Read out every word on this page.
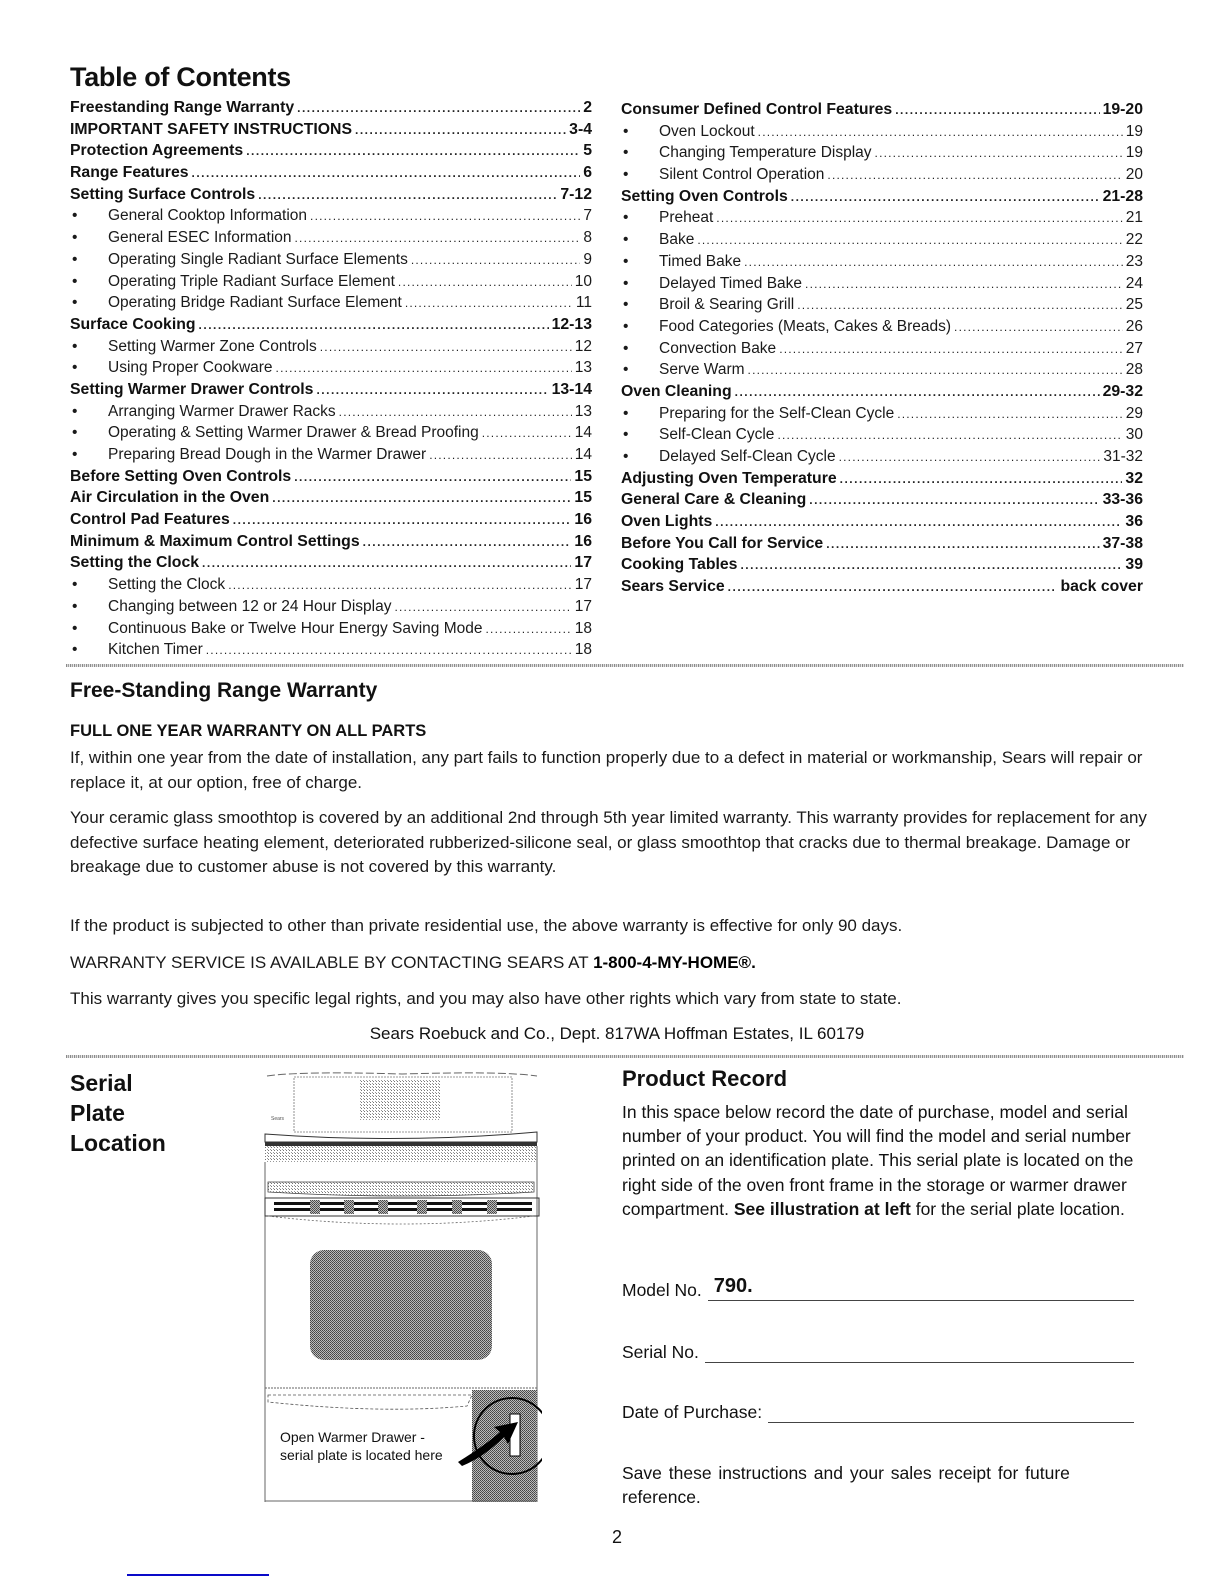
Table of Contents
Freestanding Range Warranty .....	2
IMPORTANT SAFETY INSTRUCTIONS .....	3-4
Protection Agreements .....	5
Range Features .....	6
Setting Surface Controls .....	7-12
•	General Cooktop Information .....	7
•	General ESEC Information .....	8
•	Operating Single Radiant Surface Elements .....	9
•	Operating Triple Radiant Surface Element .....	10
•	Operating Bridge Radiant Surface Element .....	11
Surface Cooking .....	12-13
•	Setting Warmer Zone Controls .....	12
•	Using Proper Cookware .....	13
Setting Warmer Drawer Controls .....	13-14
•	Arranging Warmer Drawer Racks .....	13
•	Operating & Setting Warmer Drawer & Bread Proofing .....	14
•	Preparing Bread Dough in the Warmer Drawer .....	14
Before Setting Oven Controls .....	15
Air Circulation in the Oven .....	15
Control Pad Features .....	16
Minimum & Maximum Control Settings .....	16
Setting the Clock .....	17
•	Setting the Clock .....	17
•	Changing between 12 or 24 Hour Display .....	17
•	Continuous Bake or Twelve Hour Energy Saving Mode .....	18
•	Kitchen Timer .....	18
Consumer Defined Control Features .....	19-20
•	Oven Lockout .....	19
•	Changing Temperature Display .....	19
•	Silent Control Operation .....	20
Setting Oven Controls .....	21-28
•	Preheat .....	21
•	Bake .....	22
•	Timed Bake .....	23
•	Delayed Timed Bake .....	24
•	Broil & Searing Grill .....	25
•	Food Categories (Meats, Cakes & Breads) .....	26
•	Convection Bake .....	27
•	Serve Warm .....	28
Oven Cleaning .....	29-32
•	Preparing for the Self-Clean Cycle .....	29
•	Self-Clean Cycle .....	30
•	Delayed Self-Clean Cycle .....	31-32
Adjusting Oven Temperature .....	32
General Care & Cleaning .....	33-36
Oven Lights .....	36
Before You Call for Service .....	37-38
Cooking Tables .....	39
Sears Service .....	back cover
Free-Standing Range Warranty
FULL ONE YEAR WARRANTY ON ALL PARTS
If, within one year from the date of installation, any part fails to function properly due to a defect in material or workmanship, Sears will repair or replace it, at our option, free of charge.
Your ceramic glass smoothtop is covered by an additional 2nd through 5th year limited warranty. This warranty provides for replacement for any defective surface heating element, deteriorated rubberized-silicone seal, or glass smoothtop that cracks due to thermal breakage. Damage or breakage due to customer abuse is not covered by this warranty.
If the product is subjected to other than private residential use, the above warranty is effective for only 90 days.
WARRANTY SERVICE IS AVAILABLE BY CONTACTING SEARS AT 1-800-4-MY-HOME®.
This warranty gives you specific legal rights, and you may also have other rights which vary from state to state.
Sears Roebuck and Co., Dept. 817WA Hoffman Estates, IL 60179
Serial
Plate
Location
Sears
Open Warmer Drawer -
serial plate is located here
Product Record
In this space below record the date of purchase, model and serial number of your product. You will find the model and serial number printed on an identification plate. This serial plate is located on the right side of the oven front frame in the storage or warmer drawer compartment. See illustration at left for the serial plate location.
Model No. 790.
Serial No.
Date of Purchase:
Save these instructions and your sales receipt for future reference.
2
